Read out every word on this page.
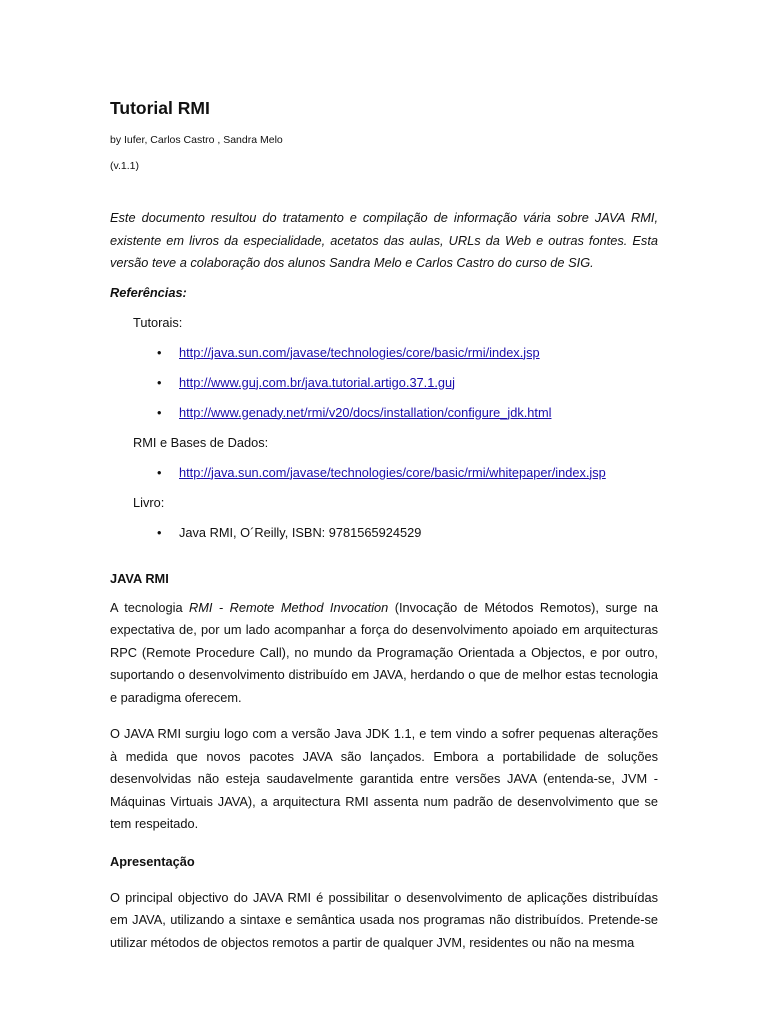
Tutorial RMI
by Iufer, Carlos Castro , Sandra Melo
(v.1.1)

Este documento resultou do tratamento e compilação de informação vária sobre JAVA RMI, existente em livros da especialidade, acetatos das aulas, URLs da Web e outras fontes. Esta versão teve a colaboração dos alunos Sandra Melo e Carlos Castro do curso de SIG.

Referências:
Tutorais:
• http://java.sun.com/javase/technologies/core/basic/rmi/index.jsp
• http://www.guj.com.br/java.tutorial.artigo.37.1.guj
• http://www.genady.net/rmi/v20/docs/installation/configure_jdk.html
RMI e Bases de Dados:
• http://java.sun.com/javase/technologies/core/basic/rmi/whitepaper/index.jsp
Livro:
• Java RMI, O´Reilly, ISBN: 9781565924529
JAVA RMI

A tecnologia RMI - Remote Method Invocation (Invocação de Métodos Remotos), surge na expectativa de, por um lado acompanhar a força do desenvolvimento apoiado em arquitecturas RPC (Remote Procedure Call), no mundo da Programação Orientada a Objectos, e por outro, suportando o desenvolvimento distribuído em JAVA, herdando o que de melhor estas tecnologia e paradigma oferecem.

O JAVA RMI surgiu logo com a versão Java JDK 1.1, e tem vindo a sofrer pequenas alterações à medida que novos pacotes JAVA são lançados. Embora a portabilidade de soluções desenvolvidas não esteja saudavelmente garantida entre versões JAVA (entenda-se, JVM - Máquinas Virtuais JAVA), a arquitectura RMI assenta num padrão de desenvolvimento que se tem respeitado.

Apresentação

O principal objectivo do JAVA RMI é possibilitar o desenvolvimento de aplicações distribuídas em JAVA, utilizando a sintaxe e semântica usada nos programas não distribuídos. Pretende-se utilizar métodos de objectos remotos a partir de qualquer JVM, residentes ou não na mesma
